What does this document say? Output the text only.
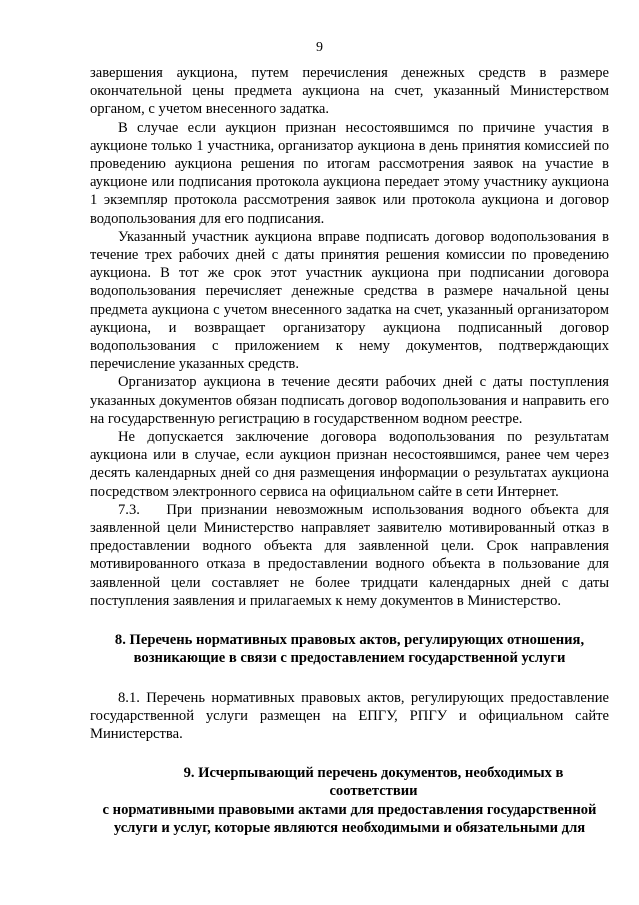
9

завершения аукциона, путем перечисления денежных средств в размере окончательной цены предмета аукциона на счет, указанный Министерством органом, с учетом внесенного задатка.

В случае если аукцион признан несостоявшимся по причине участия в аукционе только 1 участника, организатор аукциона в день принятия комиссией по проведению аукциона решения по итогам рассмотрения заявок на участие в аукционе или подписания протокола аукциона передает этому участнику аукциона 1 экземпляр протокола рассмотрения заявок или протокола аукциона и договор водопользования для его подписания.

Указанный участник аукциона вправе подписать договор водопользования в течение трех рабочих дней с даты принятия решения комиссии по проведению аукциона. В тот же срок этот участник аукциона при подписании договора водопользования перечисляет денежные средства в размере начальной цены предмета аукциона с учетом внесенного задатка на счет, указанный организатором аукциона, и возвращает организатору аукциона подписанный договор водопользования с приложением к нему документов, подтверждающих перечисление указанных средств.

Организатор аукциона в течение десяти рабочих дней с даты поступления указанных документов обязан подписать договор водопользования и направить его на государственную регистрацию в государственном водном реестре.

Не допускается заключение договора водопользования по результатам аукциона или в случае, если аукцион признан несостоявшимся, ранее чем через десять календарных дней со дня размещения информации о результатах аукциона посредством электронного сервиса на официальном сайте в сети Интернет.

7.3.   При признании невозможным использования водного объекта для заявленной цели Министерство направляет заявителю мотивированный отказ в предоставлении водного объекта для заявленной цели. Срок направления мотивированного отказа в предоставлении водного объекта в пользование для заявленной цели составляет не более тридцати календарных дней с даты поступления заявления и прилагаемых к нему документов в Министерство.

8. Перечень нормативных правовых актов, регулирующих отношения, возникающие в связи с предоставлением государственной услуги

8.1. Перечень нормативных правовых актов, регулирующих предоставление государственной услуги размещен на ЕПГУ, РПГУ и официальном сайте Министерства.

9. Исчерпывающий перечень документов, необходимых в соответствии
с нормативными правовыми актами для предоставления государственной услуги и услуг, которые являются необходимыми и обязательными для
